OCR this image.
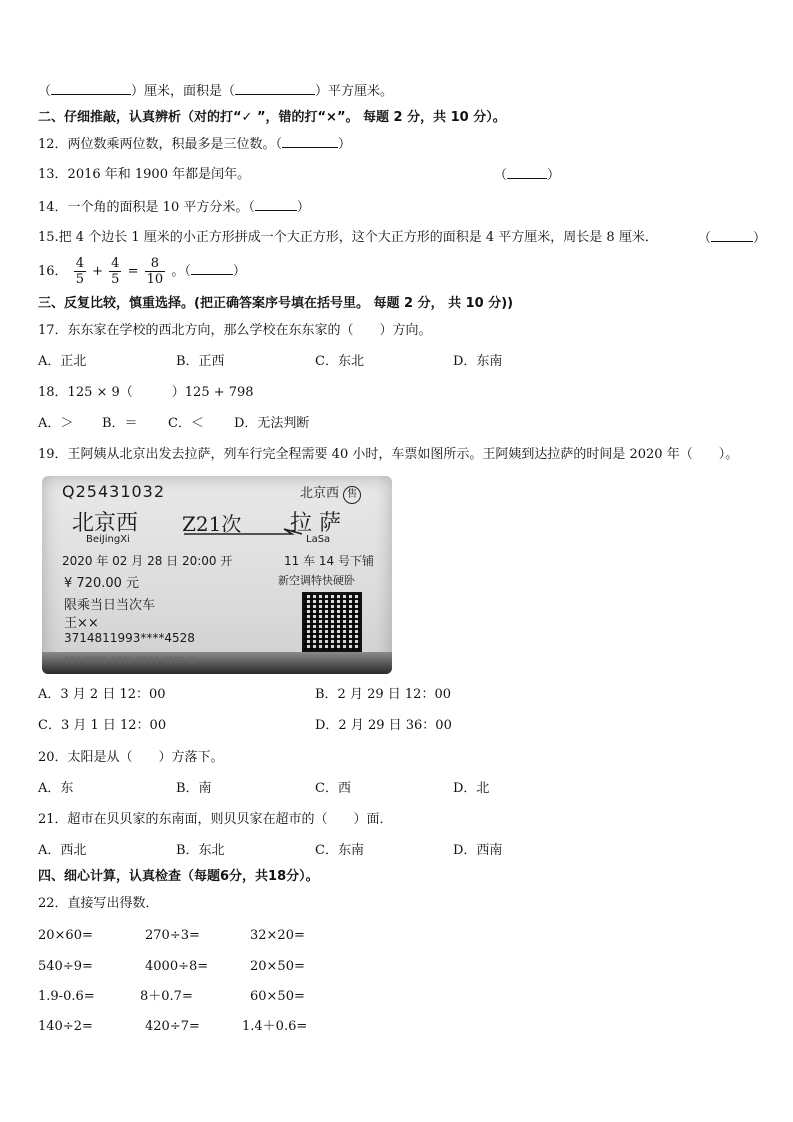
（	）厘米，面积是（	）平方厘米。
二、仔细推敲，认真辨析（对的打“✓ ”，错的打“×”。 每题 2 分，共 10 分）。
12．两位数乘两位数，积最多是三位数。（	）
13．2016 年和 1900 年都是闰年。	（	）
14．一个角的面积是 10 平方分米。（	）
15.把 4 个边长 1 厘米的小正方形拼成一个大正方形，这个大正方形的面积是 4 平方厘米，周长是 8 厘米．	（	）
16． $\frac{4}{5} + \frac{4}{5} = \frac{8}{10}$ 。（	）
三、反复比较，慎重选择。(把正确答案序号填在括号里。 每题 2 分， 共 10 分))
17．东东家在学校的西北方向，那么学校在东东家的（　　）方向。
A．正北	B．正西	C．东北	D．东南
18．125 × 9（　　　）125 + 798
A．＞ B．＝ C．＜ D．无法判断
19．王阿姨从北京出发去拉萨，列车行完全程需要 40 小时，车票如图所示。王阿姨到达拉萨的时间是 2020 年（　　）。
Q25431032	北京西 售
北京西
BeiJingXi
Z21次 拉 萨
LaSa
2020 年 02 月 28 日 20:00 开	11 车 14 号下铺
¥ 720.00 元	新空调特快硬卧
限乘当日当次车
王××
3714811993****4528
650-5791-2761 0154-0101-2
A．3 月 2 日 12：00	B．2 月 29 日 12：00
C．3 月 1 日 12：00	D．2 月 29 日 36：00
20．太阳是从（　　）方落下。
A．东	B．南	C．西	D．北
21．超市在贝贝家的东南面，则贝贝家在超市的（　　）面．
A．西北	B．东北	C．东南	D．西南
四、细心计算，认真检查（每题6分，共18分）。
22．直接写出得数．
20×60=	270÷3=	32×20=
540÷9=	4000÷8=	20×50=
1.9-0.6=	8＋0.7=	60×50=
140÷2=	420÷7=	1.4＋0.6=
